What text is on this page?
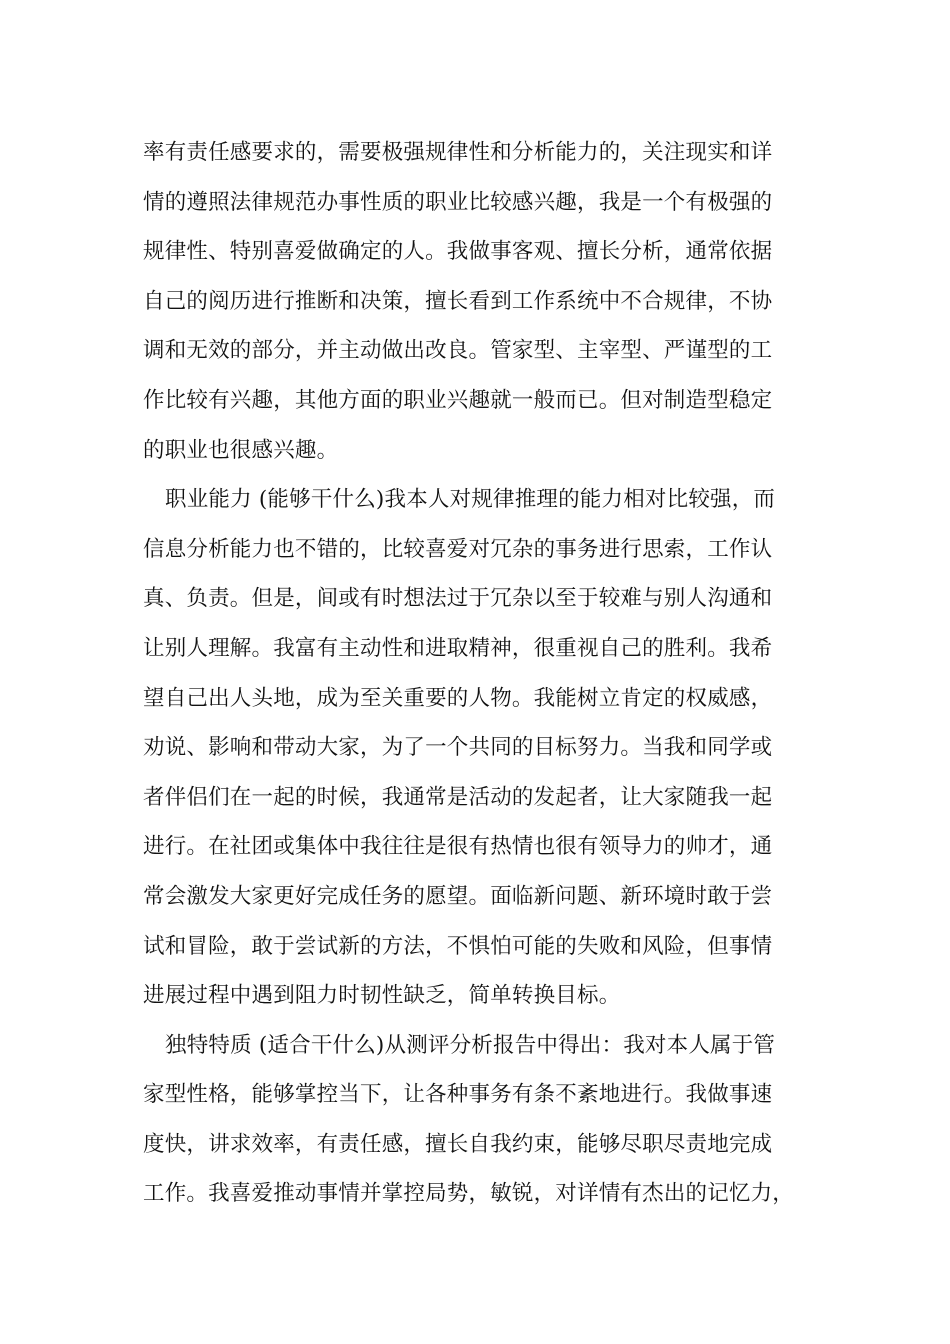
率有责任感要求的，需要极强规律性和分析能力的，关注现实和详
情的遵照法律规范办事性质的职业比较感兴趣，我是一个有极强的
规律性、特别喜爱做确定的人。我做事客观、擅长分析，通常依据
自己的阅历进行推断和决策，擅长看到工作系统中不合规律，不协
调和无效的部分，并主动做出改良。管家型、主宰型、严谨型的工
作比较有兴趣，其他方面的职业兴趣就一般而已。但对制造型稳定
的职业也很感兴趣。
职业能力 (能够干什么)我本人对规律推理的能力相对比较强，而
信息分析能力也不错的，比较喜爱对冗杂的事务进行思索，工作认
真、负责。但是，间或有时想法过于冗杂以至于较难与别人沟通和
让别人理解。我富有主动性和进取精神，很重视自己的胜利。我希
望自己出人头地，成为至关重要的人物。我能树立肯定的权威感，
劝说、影响和带动大家，为了一个共同的目标努力。当我和同学或
者伴侣们在一起的时候，我通常是活动的发起者，让大家随我一起
进行。在社团或集体中我往往是很有热情也很有领导力的帅才，通
常会激发大家更好完成任务的愿望。面临新问题、新环境时敢于尝
试和冒险，敢于尝试新的方法，不惧怕可能的失败和风险，但事情
进展过程中遇到阻力时韧性缺乏，简单转换目标。
独特特质 (适合干什么)从测评分析报告中得出：我对本人属于管
家型性格，能够掌控当下，让各种事务有条不紊地进行。我做事速
度快，讲求效率，有责任感，擅长自我约束，能够尽职尽责地完成
工作。我喜爱推动事情并掌控局势，敏锐，对详情有杰出的记忆力，
